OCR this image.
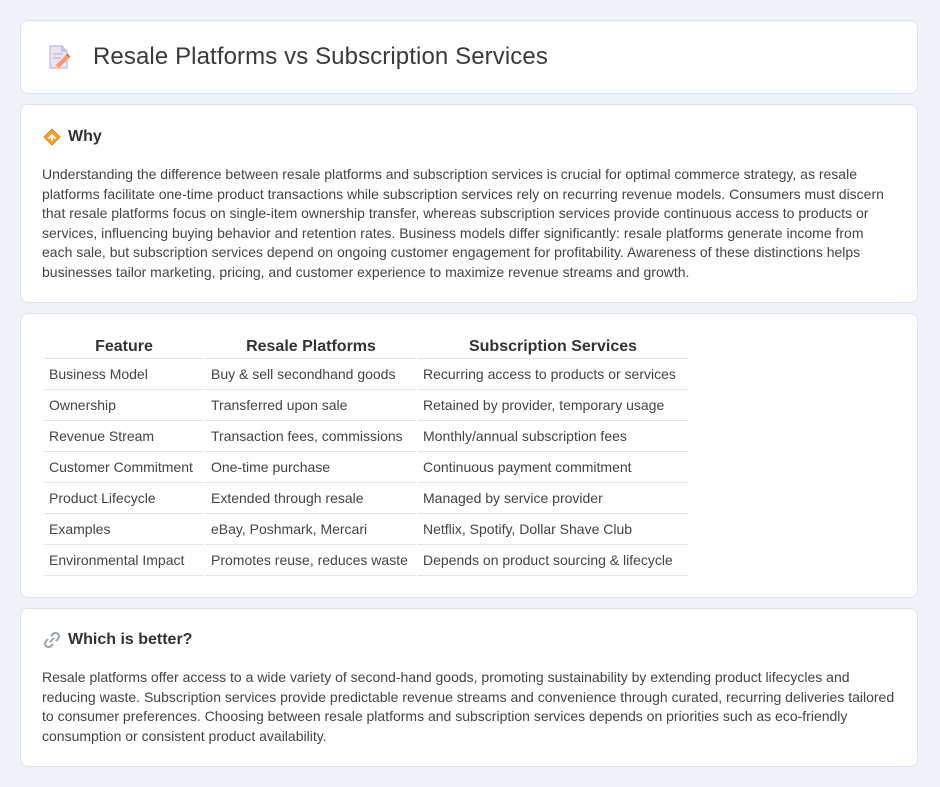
Resale Platforms vs Subscription Services
Why

Understanding the difference between resale platforms and subscription services is crucial for optimal commerce strategy, as resale platforms facilitate one-time product transactions while subscription services rely on recurring revenue models. Consumers must discern that resale platforms focus on single-item ownership transfer, whereas subscription services provide continuous access to products or services, influencing buying behavior and retention rates. Business models differ significantly: resale platforms generate income from each sale, but subscription services depend on ongoing customer engagement for profitability. Awareness of these distinctions helps businesses tailor marketing, pricing, and customer experience to maximize revenue streams and growth.

Feature	Resale Platforms	Subscription Services
Business Model	Buy & sell secondhand goods	Recurring access to products or services
Ownership	Transferred upon sale	Retained by provider, temporary usage
Revenue Stream	Transaction fees, commissions	Monthly/annual subscription fees
Customer Commitment	One-time purchase	Continuous payment commitment
Product Lifecycle	Extended through resale	Managed by service provider
Examples	eBay, Poshmark, Mercari	Netflix, Spotify, Dollar Shave Club
Environmental Impact	Promotes reuse, reduces waste	Depends on product sourcing & lifecycle
Which is better?

Resale platforms offer access to a wide variety of second-hand goods, promoting sustainability by extending product lifecycles and reducing waste. Subscription services provide predictable revenue streams and convenience through curated, recurring deliveries tailored to consumer preferences. Choosing between resale platforms and subscription services depends on priorities such as eco-friendly consumption or consistent product availability.
